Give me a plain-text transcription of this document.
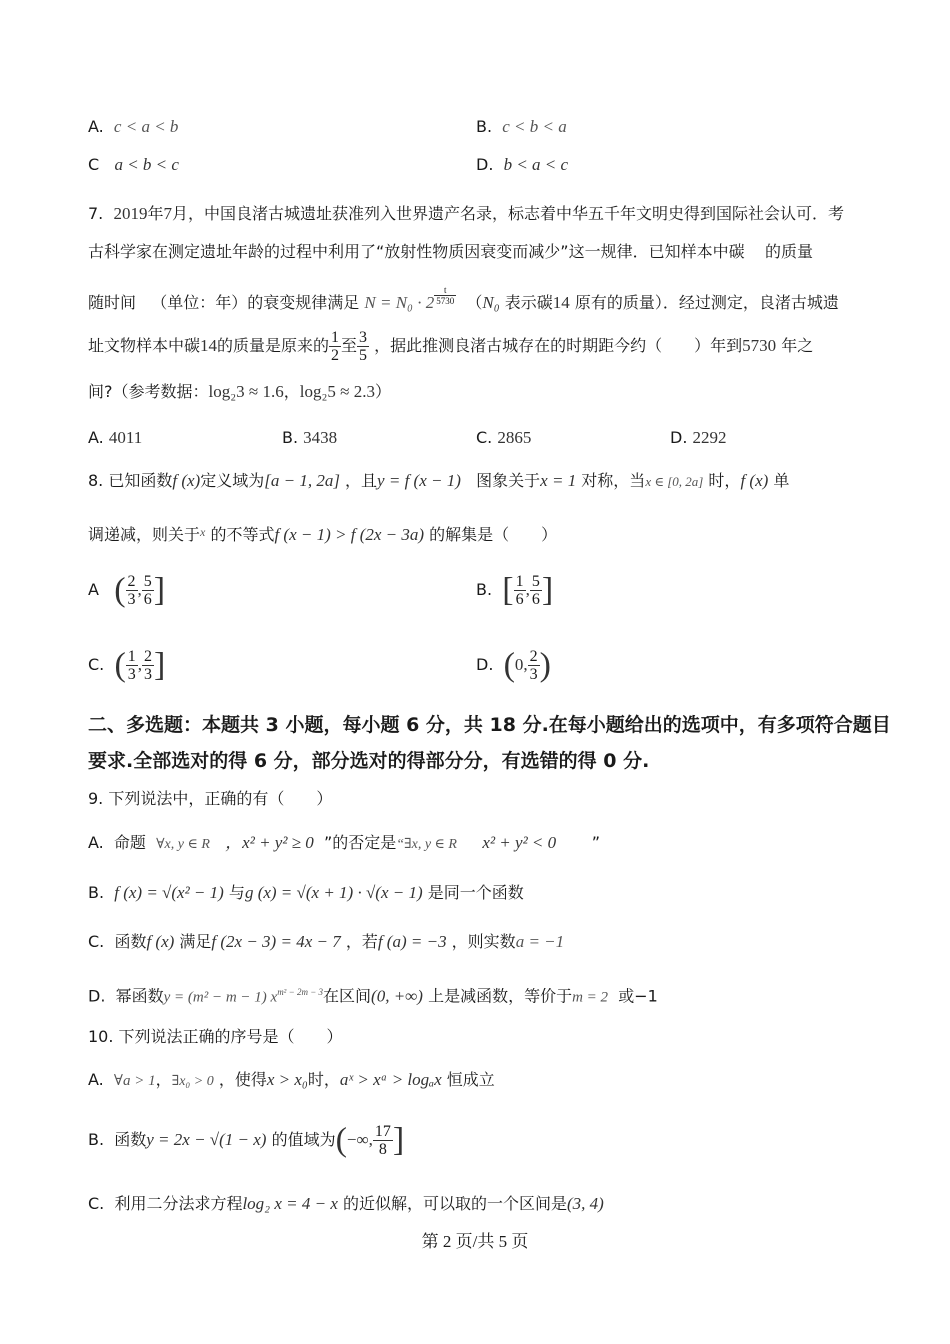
A. c < a < b	B. c < b < a
C a < b < c	D. b < a < c
7. 2019年7月，中国良渚古城遗址获准列入世界遗产名录，标志着中华五千年文明史得到国际社会认可．考
古科学家在测定遗址年龄的过程中利用了“放射性物质因衰变而减少”这一规律．已知样本中碳 的质量
随时间 （单位：年）的衰变规律满足 $N = N_0 \cdot 2 \frac{t}{5730} (N_0$ 表示碳14 原有的质量）．经过测定，良渚古城遗
址文物样本中碳14的质量是原来的 $\frac{1}{2}$ 至 $\frac{3}{5}$ ，据此推测良渚古城存在的时期距今约（　　）年到5730 年之
间?（参考数据：log₂3 ≈ 1.6，log₂5 ≈ 2.3）
A. 4011	B. 3438	C. 2865	D. 2292
8. 已知函数f (x)定义域为[a − 1, 2a] ，且y = f (x − 1) 图象关于x = 1 对称，当x ∈ [0, 2a] 时，f (x) 单
调递减，则关于$^x$ 的不等式f (x − 1) > f (2x − 3a) 的解集是（　　）
A ( $\frac{2}{3}$ , $\frac{5}{6}$ ]	B. [ $\frac{1}{6}$ , $\frac{5}{6}$ ]
C. ( $\frac{1}{3}$ , $\frac{2}{3}$ ]	D. (0, $\frac{2}{3}$ )
二、多选题：本题共 3 小题，每小题 6 分，共 18 分.在每小题给出的选项中，有多项符合题目
要求.全部选对的得 6 分，部分选对的得部分分，有选错的得 0 分.
9. 下列说法中，正确的有（　　）
A. 命题 ∀x, y ∈ R ，x² + y² ≥ 0 ”的否定是“∃x, y ∈ R x² + y² < 0 ”
B. f (x) = √(x² − 1) 与g (x) = √(x + 1) · √(x − 1) 是同一个函数
C. 函数f (x) 满足f (2x − 3) = 4x − 7 ，若f (a) = −3 ，则实数a = −1
D. 幂函数y = (m² − m − 1) $x^{m^2 - 2m - 3}$在区间(0, +∞) 上是减函数，等价于m = 2 或−1
10. 下列说法正确的序号是（　　）
A. ∀a > 1，∃x₀ > 0 ，使得x > x₀时，aˣ > xᵃ > logₐx 恒成立
B. 函数y = 2x − √(1 − x) 的值域为(−∞, $\frac{17}{8}$ ]
C. 利用二分法求方程log₂ x = 4 − x 的近似解，可以取的一个区间是(3, 4)
第 2 页/共 5 页
